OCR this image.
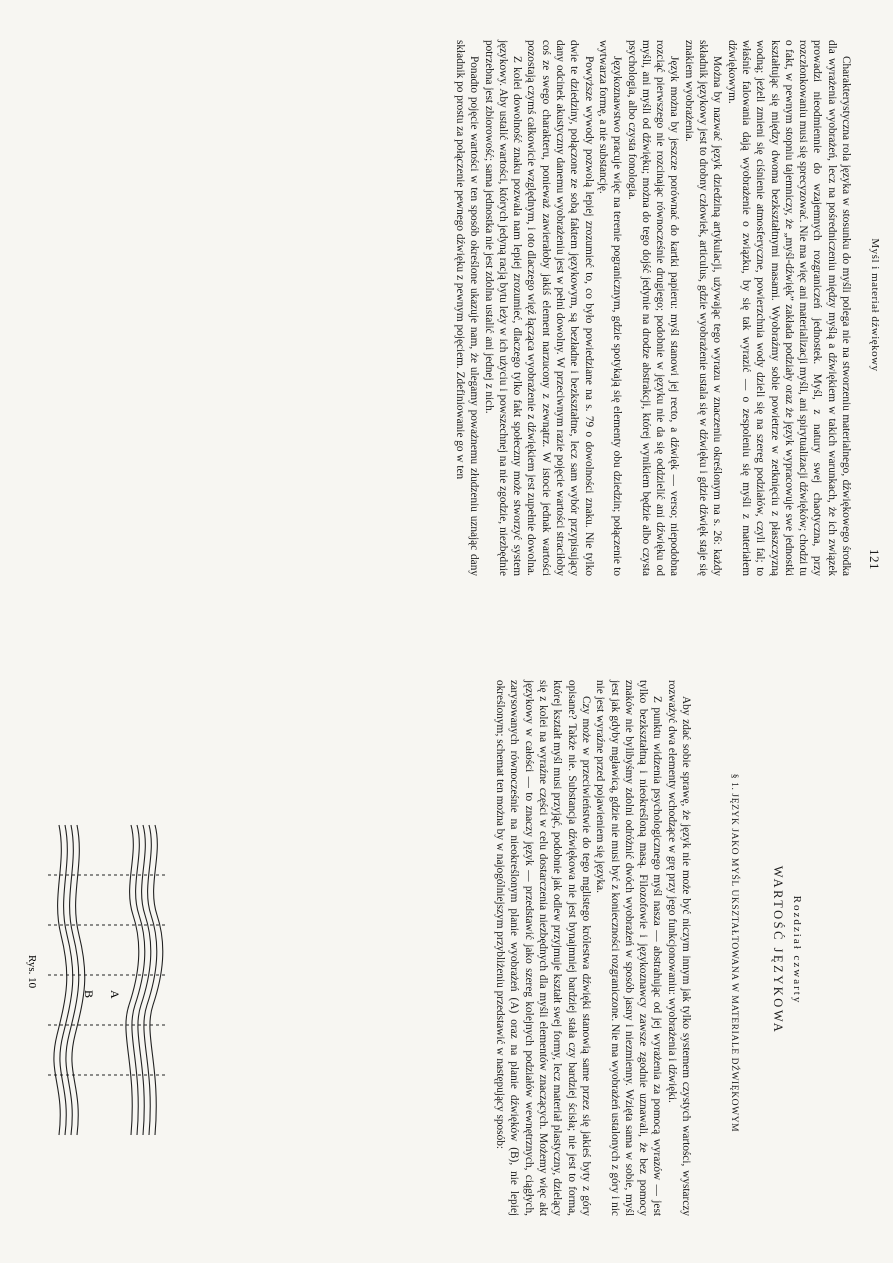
Myśl i materiał dźwiękowy
121

Charakterystyczna rola języka w stosunku do myśli polega nie na stworzeniu materialnego, dźwiękowego środka dla wyrażenia wyobrażeń, lecz na pośredniczeniu między myślą a dźwiękiem w takich warunkach, że ich związek prowadzi nieodmiennie do wzajemnych rozgraniczeń jednostek. Myśl, z natury swej chaotyczna, przy rozczłonkowaniu musi się sprecyzować. Nie ma więc ani materializacji myśli, ani spirytualizacji dźwięków; chodzi tu o fakt, w pewnym stopniu tajemniczy, że „myśl-dźwięk” zakłada podziały oraz że język wypracowuje swe jednostki kształtując się między dwoma bezkształtnymi masami. Wyobraźmy sobie powietrze w zetknięciu z płaszczyzną wodną; jeżeli zmieni się ciśnienie atmosferyczne, powierzchnia wody dzieli się na szereg podziałów, czyli fal; to właśnie falowania dają wyobrażenie o związku, by się tak wyrazić — o zespoleniu się myśli z materiałem dźwiękowym.

Można by nazwać język dziedziną artykulacji, używając tego wyrazu w znaczeniu określonym na s. 26: każdy składnik językowy jest to drobny człowiek, articulus, gdzie wyobrażenie ustala się w dźwięku i gdzie dźwięk staje się znakiem wyobrażenia.

Język można by jeszcze porównać do kartki papieru: myśl stanowi jej recto, a dźwięk — verso; niepodobna rozciąć pierwszego nie rozcinając równocześnie drugiego; podobnie w języku nie da się oddzielić ani dźwięku od myśli, ani myśli od dźwięku; można do tego dojść jedynie na drodze abstrakcji, której wynikiem będzie albo czysta psychologia, albo czysta fonologia.

Językoznawstwo pracuje więc na terenie pogranicznym, gdzie spotykają się elementy obu dziedzin; połączenie to wytwarza formę, a nie substancję.

Powyższe wywody pozwolą lepiej zrozumieć to, co było powiedziane na s. 79 o dowolności znaku. Nie tylko dwie te dziedziny, połączone ze sobą faktem językowym, są bezładne i bezkształtne, lecz sam wybór przypisujący dany odcinek akustyczny danemu wyobrażeniu jest w pełni dowolny. W przeciwnym razie pojęcie wartości straciłoby coś ze swego charakteru, ponieważ zawierałoby jakiś element narzucony z zewnątrz. W istocie jednak wartości pozostają czymś całkowicie względnym, i oto dlaczego więź łącząca wyobrażenie z dźwiękiem jest zupełnie dowolna.

Z kolei dowolność znaku pozwala nam lepiej zrozumieć, dlaczego tylko fakt społeczny może stworzyć system językowy. Aby ustalić wartości, których jedyną racją bytu leży w ich użyciu i powszechnej na nie zgodzie, niezbędnie potrzebna jest zbiorowość; sama jednostka nie jest zdolna ustalić ani jednej z nich.

Ponadto pojęcie wartości w ten sposób określone ukazuje nam, że ulegamy poważnemu złudzeniu uznając dany składnik po prostu za połączenie pewnego dźwięku z pewnym pojęciem. Zdefiniowanie go w ten

Rozdział czwarty
WARTOŚĆ JĘZYKOWA
§ 1. JĘZYK JAKO MYŚL UKSZTAŁTOWANA W MATERIALE DŹWIĘKOWYM

Aby zdać sobie sprawę, że język nie może być niczym innym jak tylko systemem czystych wartości, wystarczy rozważyć dwa elementy wchodzące w grę przy jego funkcjonowaniu: wyobrażenia i dźwięki.

Z punktu widzenia psychologicznego myśl nasza — abstrahując od jej wyrażenia za pomocą wyrazów — jest tylko bezkształtną i nieokreśloną masą. Filozofowie i językoznawcy zawsze zgodnie uznawali, że bez pomocy znaków nie bylibyśmy zdolni odróżnić dwóch wyobrażeń w sposób jasny i niezmienny. Wzięta sama w sobie, myśl jest jak gdyby mgławicą, gdzie nie musi być z konieczności rozgraniczone. Nie ma wyobrażeń ustalonych z góry i nic nie jest wyraźne przed pojawieniem się języka.

Czy może w przeciwieństwie do tego mglistego królestwa dźwięki stanowią same przez się jakieś byty z góry opisane? Także nie. Substancja dźwiękowa nie jest bynajmniej bardziej stała czy bardziej ścisła; nie jest to forma, której kształt myśl musi przyjąć, podobnie jak odlew przyjmuje kształt swej formy, lecz materiał plastyczny, dzielący się z kolei na wyraźne części w celu dostarczenia niezbędnych dla myśli elementów znaczących. Możemy więc akt językowy w całości — to znaczy język — przedstawić jako szereg kolejnych podziałów wewnętrznych, ciągłych, zarysowanych równocześnie na nieokreślonym planie wyobrażeń (A) oraz na planie dźwięków (B), nie lepiej określonym; schemat ten można by w najogólniejszym przybliżeniu przedstawić w następujący sposób:

A
B
Rys. 10
